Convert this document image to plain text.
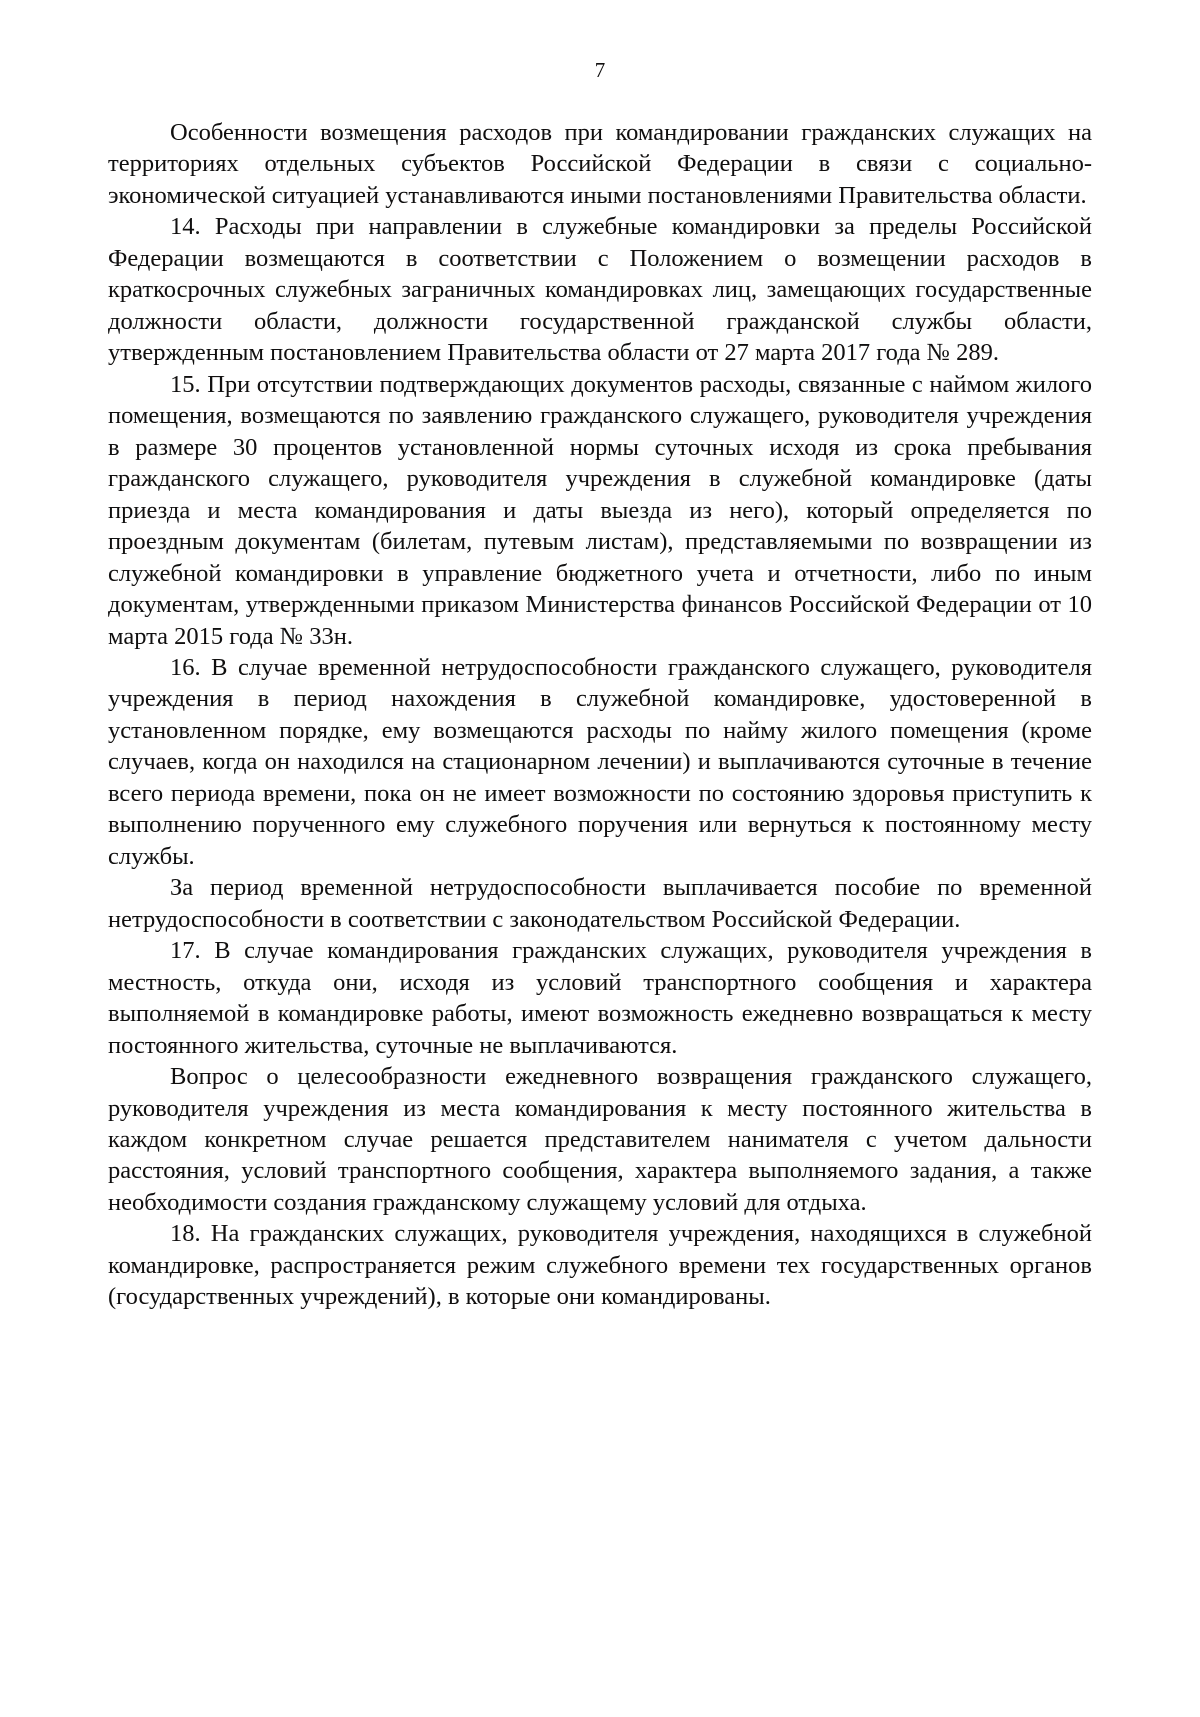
7

Особенности возмещения расходов при командировании гражданских служащих на территориях отдельных субъектов Российской Федерации в связи с социально-экономической ситуацией устанавливаются иными постановлениями Правительства области.

14. Расходы при направлении в служебные командировки за пределы Российской Федерации возмещаются в соответствии с Положением о возмещении расходов в краткосрочных служебных заграничных командировках лиц, замещающих государственные должности области, должности государственной гражданской службы области, утвержденным постановлением Правительства области от 27 марта 2017 года № 289.

15. При отсутствии подтверждающих документов расходы, связанные с наймом жилого помещения, возмещаются по заявлению гражданского служащего, руководителя учреждения в размере 30 процентов установленной нормы суточных исходя из срока пребывания гражданского служащего, руководителя учреждения в служебной командировке (даты приезда и места командирования и даты выезда из него), который определяется по проездным документам (билетам, путевым листам), представляемыми по возвращении из служебной командировки в управление бюджетного учета и отчетности, либо по иным документам, утвержденными приказом Министерства финансов Российской Федерации от 10 марта 2015 года № 33н.

16. В случае временной нетрудоспособности гражданского служащего, руководителя учреждения в период нахождения в служебной командировке, удостоверенной в установленном порядке, ему возмещаются расходы по найму жилого помещения (кроме случаев, когда он находился на стационарном лечении) и выплачиваются суточные в течение всего периода времени, пока он не имеет возможности по состоянию здоровья приступить к выполнению порученного ему служебного поручения или вернуться к постоянному месту службы.

За период временной нетрудоспособности выплачивается пособие по временной нетрудоспособности в соответствии с законодательством Российской Федерации.

17. В случае командирования гражданских служащих, руководителя учреждения в местность, откуда они, исходя из условий транспортного сообщения и характера выполняемой в командировке работы, имеют возможность ежедневно возвращаться к месту постоянного жительства, суточные не выплачиваются.

Вопрос о целесообразности ежедневного возвращения гражданского служащего, руководителя учреждения из места командирования к месту постоянного жительства в каждом конкретном случае решается представителем нанимателя с учетом дальности расстояния, условий транспортного сообщения, характера выполняемого задания, а также необходимости создания гражданскому служащему условий для отдыха.

18. На гражданских служащих, руководителя учреждения, находящихся в служебной командировке, распространяется режим служебного времени тех государственных органов (государственных учреждений), в которые они командированы.
